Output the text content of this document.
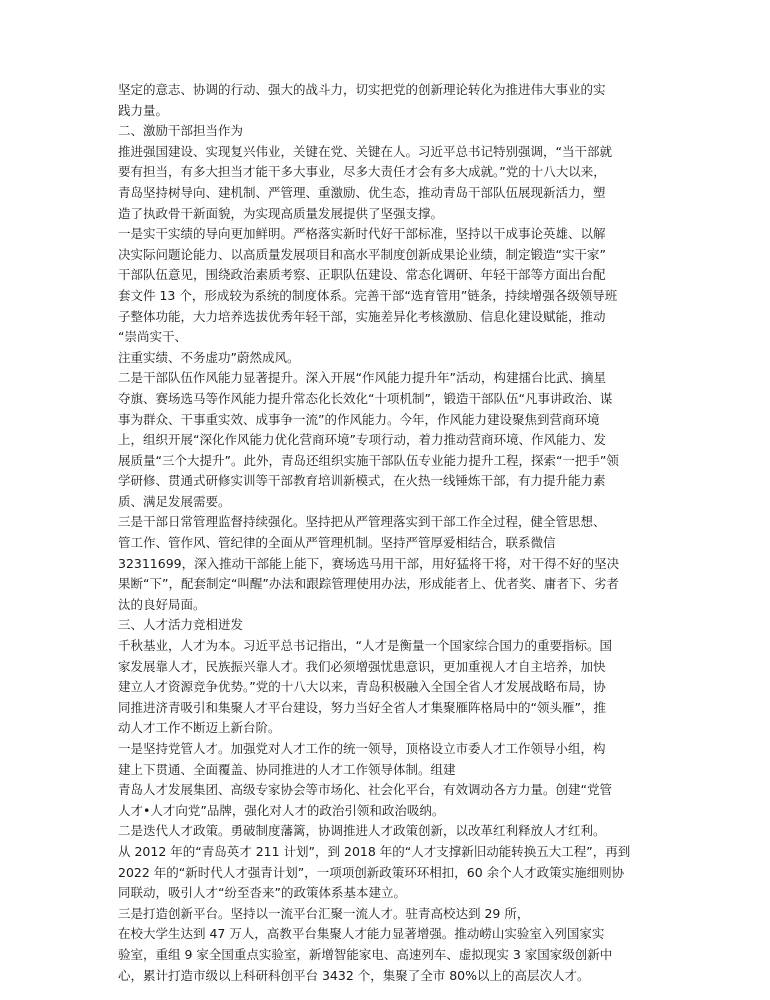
坚定的意志、协调的行动、强大的战斗力，切实把党的创新理论转化为推进伟大事业的实
践力量。
二、激励干部担当作为
推进强国建设、实现复兴伟业，关键在党、关键在人。习近平总书记特别强调，“当干部就
要有担当，有多大担当才能干多大事业，尽多大责任才会有多大成就。”党的十八大以来，
青岛坚持树导向、建机制、严管理、重激励、优生态，推动青岛干部队伍展现新活力，塑
造了执政骨干新面貌，为实现高质量发展提供了坚强支撑。
一是实干实绩的导向更加鲜明。严格落实新时代好干部标准，坚持以干成事论英雄、以解
决实际问题论能力、以高质量发展项目和高水平制度创新成果论业绩，制定锻造“实干家”
干部队伍意见，围绕政治素质考察、正职队伍建设、常态化调研、年轻干部等方面出台配
套文件 13 个，形成较为系统的制度体系。完善干部“选育管用”链条，持续增强各级领导班
子整体功能，大力培养选拔优秀年轻干部，实施差异化考核激励、信息化建设赋能，推动
“崇尚实干、
注重实绩、不务虚功”蔚然成风。
二是干部队伍作风能力显著提升。深入开展“作风能力提升年”活动，构建擂台比武、摘星
夺旗、赛场选马等作风能力提升常态化长效化“十项机制”，锻造干部队伍“凡事讲政治、谋
事为群众、干事重实效、成事争一流”的作风能力。今年，作风能力建设聚焦到营商环境
上，组织开展“深化作风能力优化营商环境”专项行动，着力推动营商环境、作风能力、发
展质量“三个大提升”。此外，青岛还组织实施干部队伍专业能力提升工程，探索“一把手”领
学研修、贯通式研修实训等干部教育培训新模式，在火热一线锤炼干部，有力提升能力素
质、满足发展需要。
三是干部日常管理监督持续强化。坚持把从严管理落实到干部工作全过程，健全管思想、
管工作、管作风、管纪律的全面从严管理机制。坚持严管厚爱相结合，联系微信
32311699，深入推动干部能上能下，赛场选马用干部，用好猛将干将，对干得不好的坚决
果断“下”，配套制定“叫醒”办法和跟踪管理使用办法，形成能者上、优者奖、庸者下、劣者
汰的良好局面。
三、人才活力竞相迸发
千秋基业，人才为本。习近平总书记指出，“人才是衡量一个国家综合国力的重要指标。国
家发展靠人才，民族振兴靠人才。我们必须增强忧患意识，更加重视人才自主培养，加快
建立人才资源竞争优势。”党的十八大以来，青岛积极融入全国全省人才发展战略布局，协
同推进济青吸引和集聚人才平台建设，努力当好全省人才集聚雁阵格局中的“领头雁”，推
动人才工作不断迈上新台阶。
一是坚持党管人才。加强党对人才工作的统一领导，顶格设立市委人才工作领导小组，构
建上下贯通、全面覆盖、协同推进的人才工作领导体制。组建
青岛人才发展集团、高级专家协会等市场化、社会化平台，有效调动各方力量。创建“党管
人才•人才向党”品牌，强化对人才的政治引领和政治吸纳。
二是迭代人才政策。勇破制度藩篱，协调推进人才政策创新，以改革红利释放人才红利。
从 2012 年的“青岛英才 211 计划”，到 2018 年的“人才支撑新旧动能转换五大工程”，再到
2022 年的“新时代人才强青计划”，一项项创新政策环环相扣，60 余个人才政策实施细则协
同联动，吸引人才“纷至沓来”的政策体系基本建立。
三是打造创新平台。坚持以一流平台汇聚一流人才。驻青高校达到 29 所，
在校大学生达到 47 万人，高教平台集聚人才能力显著增强。推动崂山实验室入列国家实
验室，重组 9 家全国重点实验室，新增智能家电、高速列车、虚拟现实 3 家国家级创新中
心，累计打造市级以上科研科创平台 3432 个，集聚了全市 80%以上的高层次人才。
